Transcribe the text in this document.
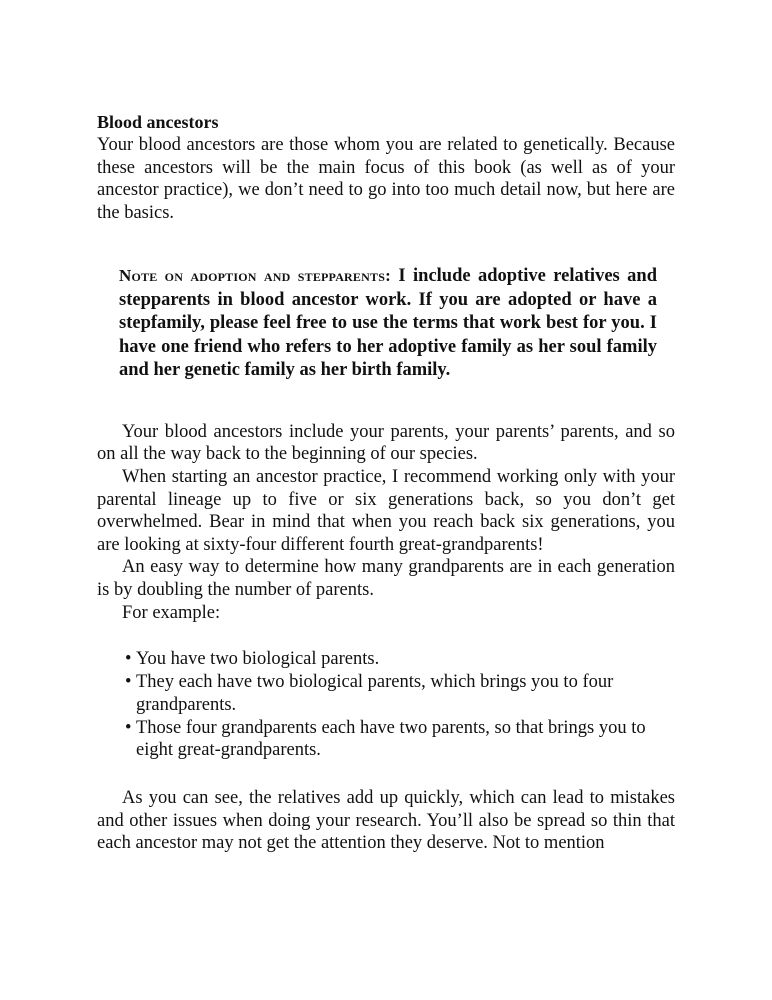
Blood ancestors

Your blood ancestors are those whom you are related to genetically. Because these ancestors will be the main focus of this book (as well as of your ancestor practice), we don’t need to go into too much detail now, but here are the basics.

Note on adoption and stepparents: I include adoptive relatives and stepparents in blood ancestor work. If you are adopted or have a stepfamily, please feel free to use the terms that work best for you. I have one friend who refers to her adoptive family as her soul family and her genetic family as her birth family.

Your blood ancestors include your parents, your parents’ parents, and so on all the way back to the beginning of our species.

When starting an ancestor practice, I recommend working only with your parental lineage up to five or six generations back, so you don’t get overwhelmed. Bear in mind that when you reach back six generations, you are looking at sixty-four different fourth great-grandparents!

An easy way to determine how many grandparents are in each generation is by doubling the number of parents.

For example:

• You have two biological parents.
• They each have two biological parents, which brings you to four grandparents.
• Those four grandparents each have two parents, so that brings you to eight great-grandparents.

As you can see, the relatives add up quickly, which can lead to mistakes and other issues when doing your research. You’ll also be spread so thin that each ancestor may not get the attention they deserve. Not to mention
